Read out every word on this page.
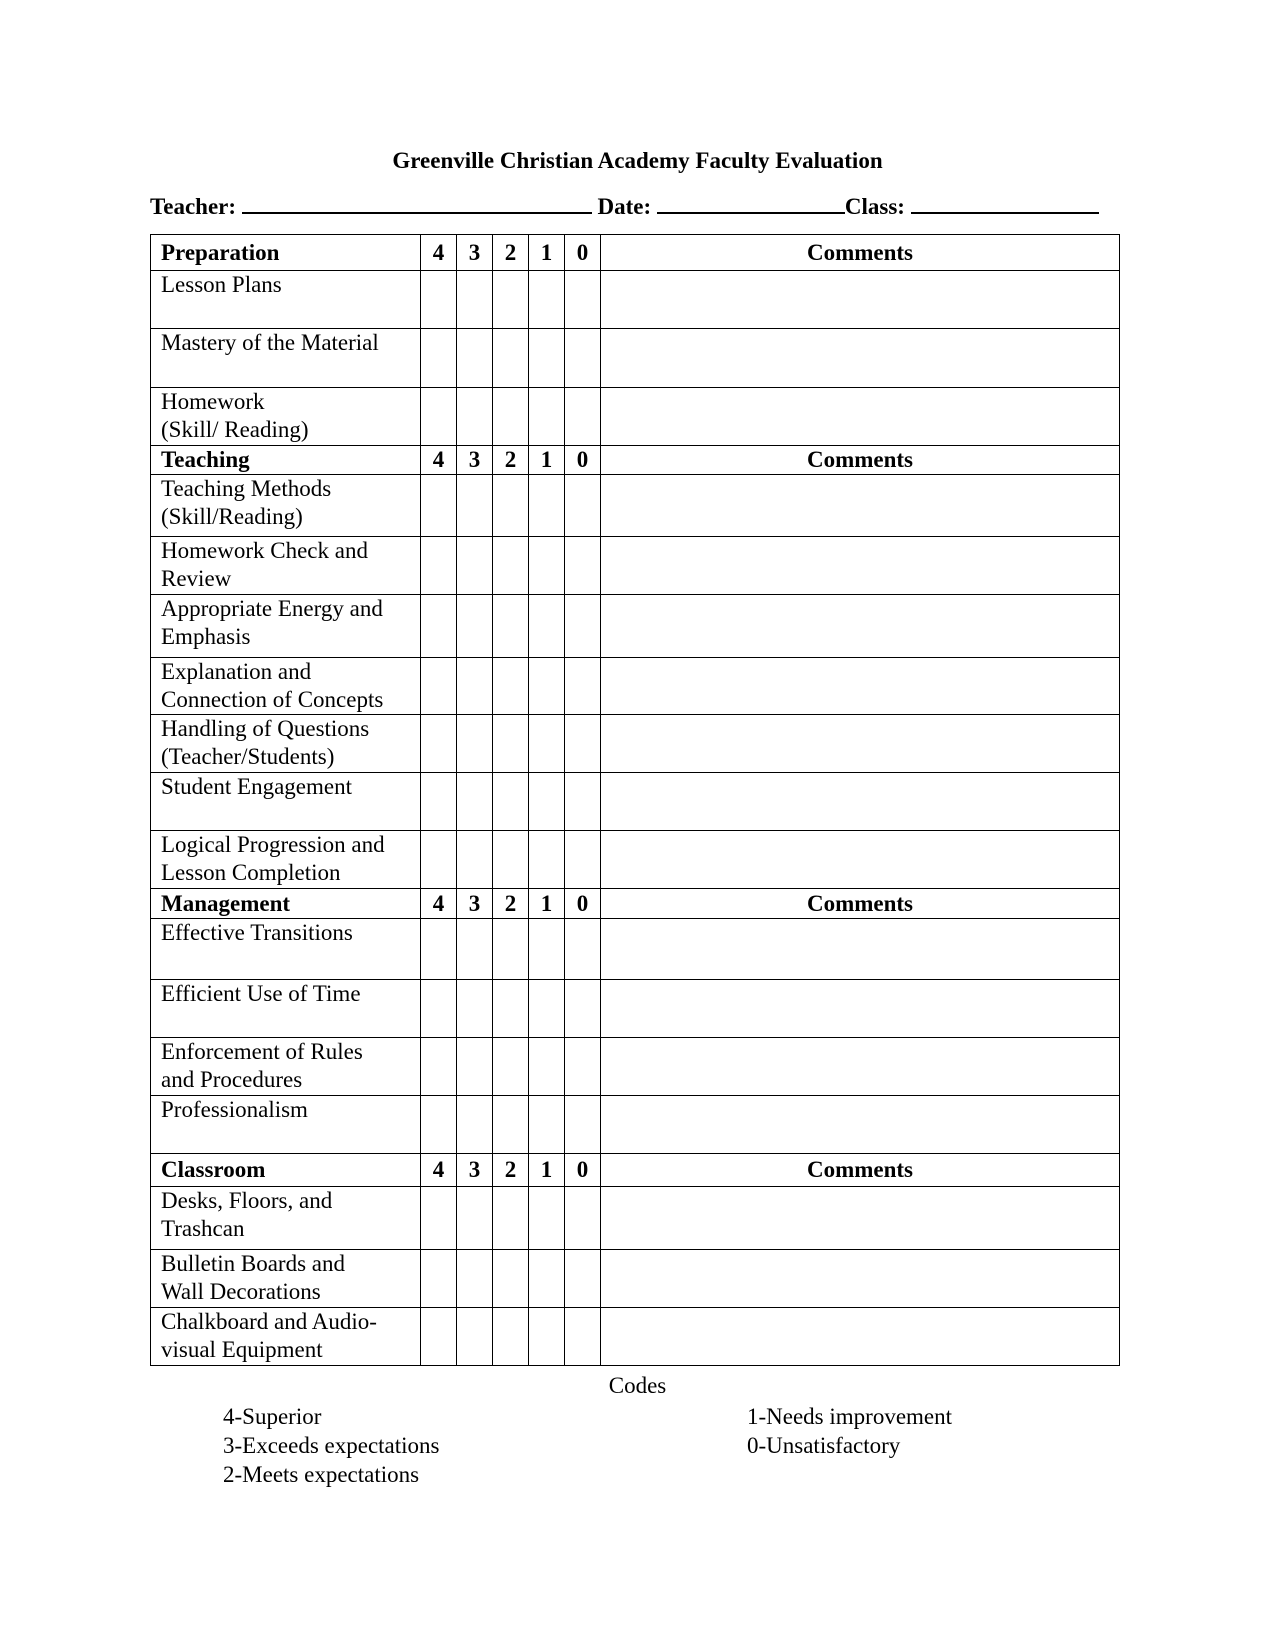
Greenville Christian Academy Faculty Evaluation
Teacher:	Date:	Class:
Preparation	4	3	2	1	0	Comments

Lesson Plans						

Mastery of the Material						

Homework
(Skill/ Reading)						

Teaching	4	3	2	1	0	Comments

Teaching Methods
(Skill/Reading)						

Homework Check and
Review						

Appropriate Energy and
Emphasis						

Explanation and
Connection of Concepts						

Handling of Questions
(Teacher/Students)						

Student Engagement						

Logical Progression and
Lesson Completion						

Management	4	3	2	1	0	Comments

Effective Transitions						

Efficient Use of Time						

Enforcement of Rules
and Procedures						

Professionalism						

Classroom	4	3	2	1	0	Comments

Desks, Floors, and
Trashcan						

Bulletin Boards and
Wall Decorations						

Chalkboard and Audio-
visual Equipment						

Codes
4-Superior
3-Exceeds expectations
2-Meets expectations
1-Needs improvement
0-Unsatisfactory
